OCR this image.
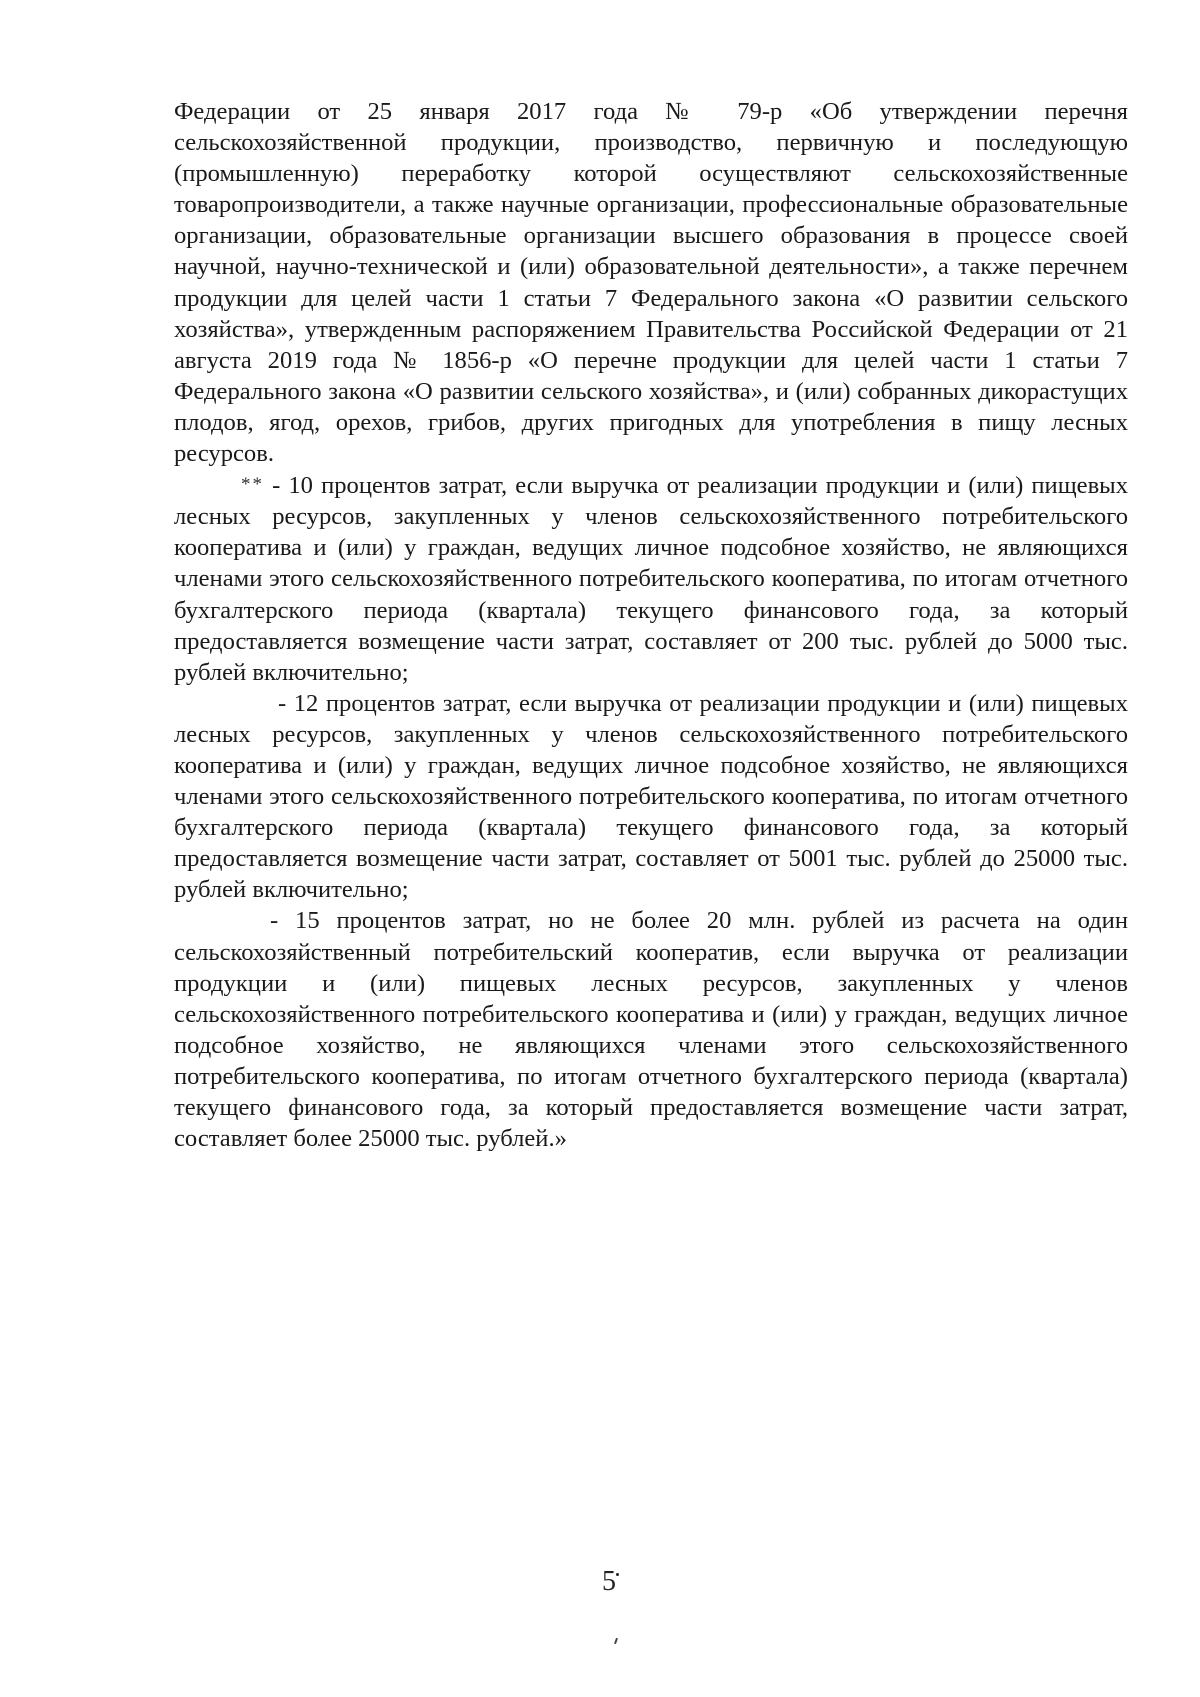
Федерации от 25 января 2017 года № 79-р «Об утверждении перечня сельскохозяйственной продукции, производство, первичную и последующую (промышленную) переработку которой осуществляют сельскохозяйственные товаропроизводители, а также научные организации, профессиональные образовательные организации, образовательные организации высшего образования в процессе своей научной, научно-технической и (или) образовательной деятельности», а также перечнем продукции для целей части 1 статьи 7 Федерального закона «О развитии сельского хозяйства», утвержденным распоряжением Правительства Российской Федерации от 21 августа 2019 года № 1856-р «О перечне продукции для целей части 1 статьи 7 Федерального закона «О развитии сельского хозяйства», и (или) собранных дикорастущих плодов, ягод, орехов, грибов, других пригодных для употребления в пищу лесных ресурсов.

** - 10 процентов затрат, если выручка от реализации продукции и (или) пищевых лесных ресурсов, закупленных у членов сельскохозяйственного потребительского кооператива и (или) у граждан, ведущих личное подсобное хозяйство, не являющихся членами этого сельскохозяйственного потребительского кооператива, по итогам отчетного бухгалтерского периода (квартала) текущего финансового года, за который предоставляется возмещение части затрат, составляет от 200 тыс. рублей до 5000 тыс. рублей включительно;

- 12 процентов затрат, если выручка от реализации продукции и (или) пищевых лесных ресурсов, закупленных у членов сельскохозяйственного потребительского кооператива и (или) у граждан, ведущих личное подсобное хозяйство, не являющихся членами этого сельскохозяйственного потребительского кооператива, по итогам отчетного бухгалтерского периода (квартала) текущего финансового года, за который предоставляется возмещение части затрат, составляет от 5001 тыс. рублей до 25000 тыс. рублей включительно;

- 15 процентов затрат, но не более 20 млн. рублей из расчета на один сельскохозяйственный потребительский кооператив, если выручка от реализации продукции и (или) пищевых лесных ресурсов, закупленных у членов сельскохозяйственного потребительского кооператива и (или) у граждан, ведущих личное подсобное хозяйство, не являющихся членами этого сельскохозяйственного потребительского кооператива, по итогам отчетного бухгалтерского периода (квартала) текущего финансового года, за который предоставляется возмещение части затрат, составляет более 25000 тыс. рублей.»

5
